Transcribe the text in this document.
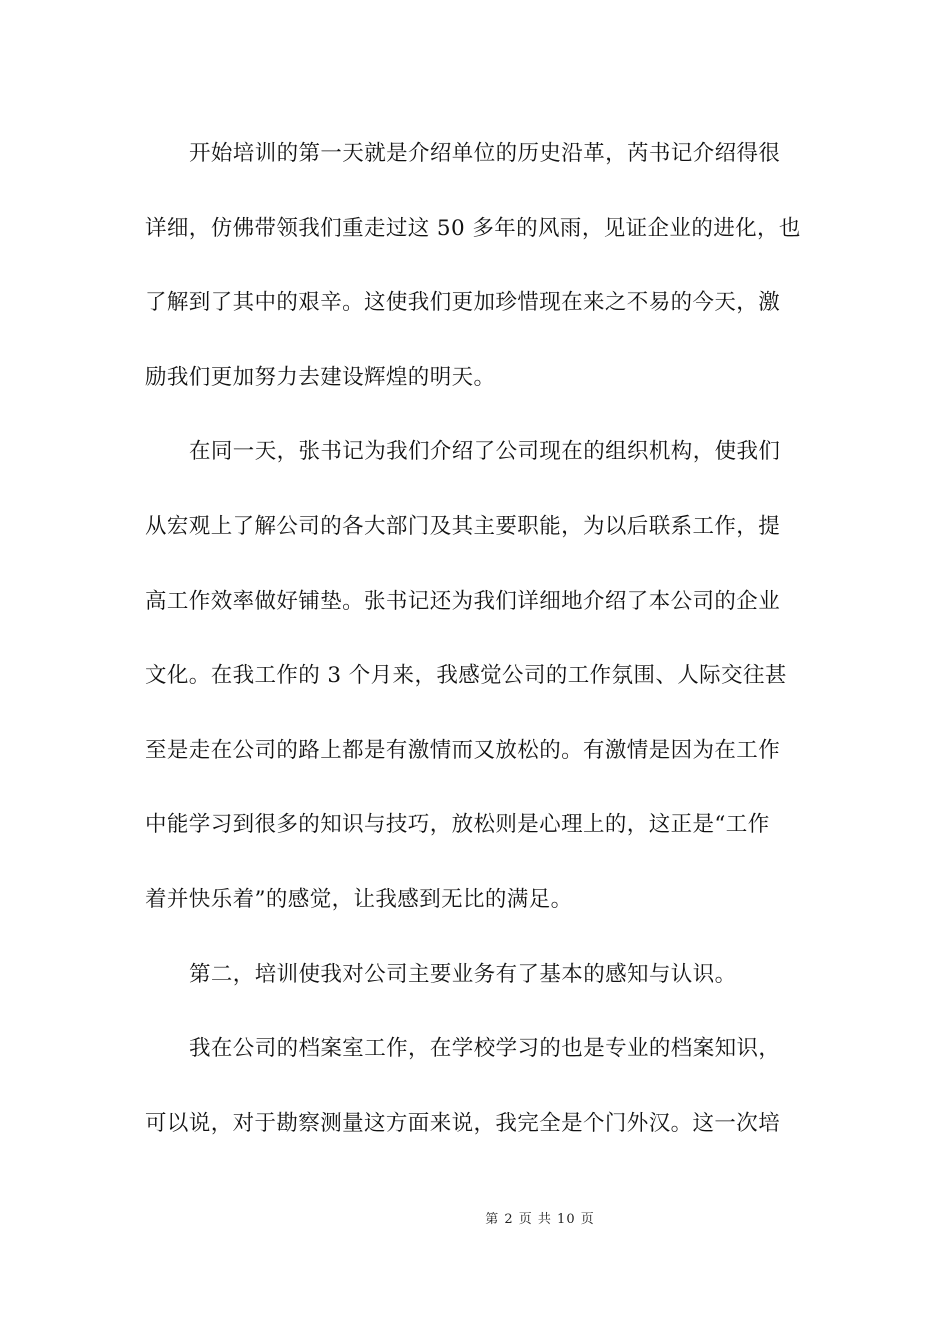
开始培训的第一天就是介绍单位的历史沿革，芮书记介绍得很
详细，仿佛带领我们重走过这 50 多年的风雨，见证企业的进化，也
了解到了其中的艰辛。这使我们更加珍惜现在来之不易的今天，激
励我们更加努力去建设辉煌的明天。
在同一天，张书记为我们介绍了公司现在的组织机构，使我们
从宏观上了解公司的各大部门及其主要职能，为以后联系工作，提
高工作效率做好铺垫。张书记还为我们详细地介绍了本公司的企业
文化。在我工作的 3 个月来，我感觉公司的工作氛围、人际交往甚
至是走在公司的路上都是有激情而又放松的。有激情是因为在工作
中能学习到很多的知识与技巧，放松则是心理上的，这正是“工作
着并快乐着”的感觉，让我感到无比的满足。
第二，培训使我对公司主要业务有了基本的感知与认识。
我在公司的档案室工作，在学校学习的也是专业的档案知识，
可以说，对于勘察测量这方面来说，我完全是个门外汉。这一次培
第 2 页 共 10 页
